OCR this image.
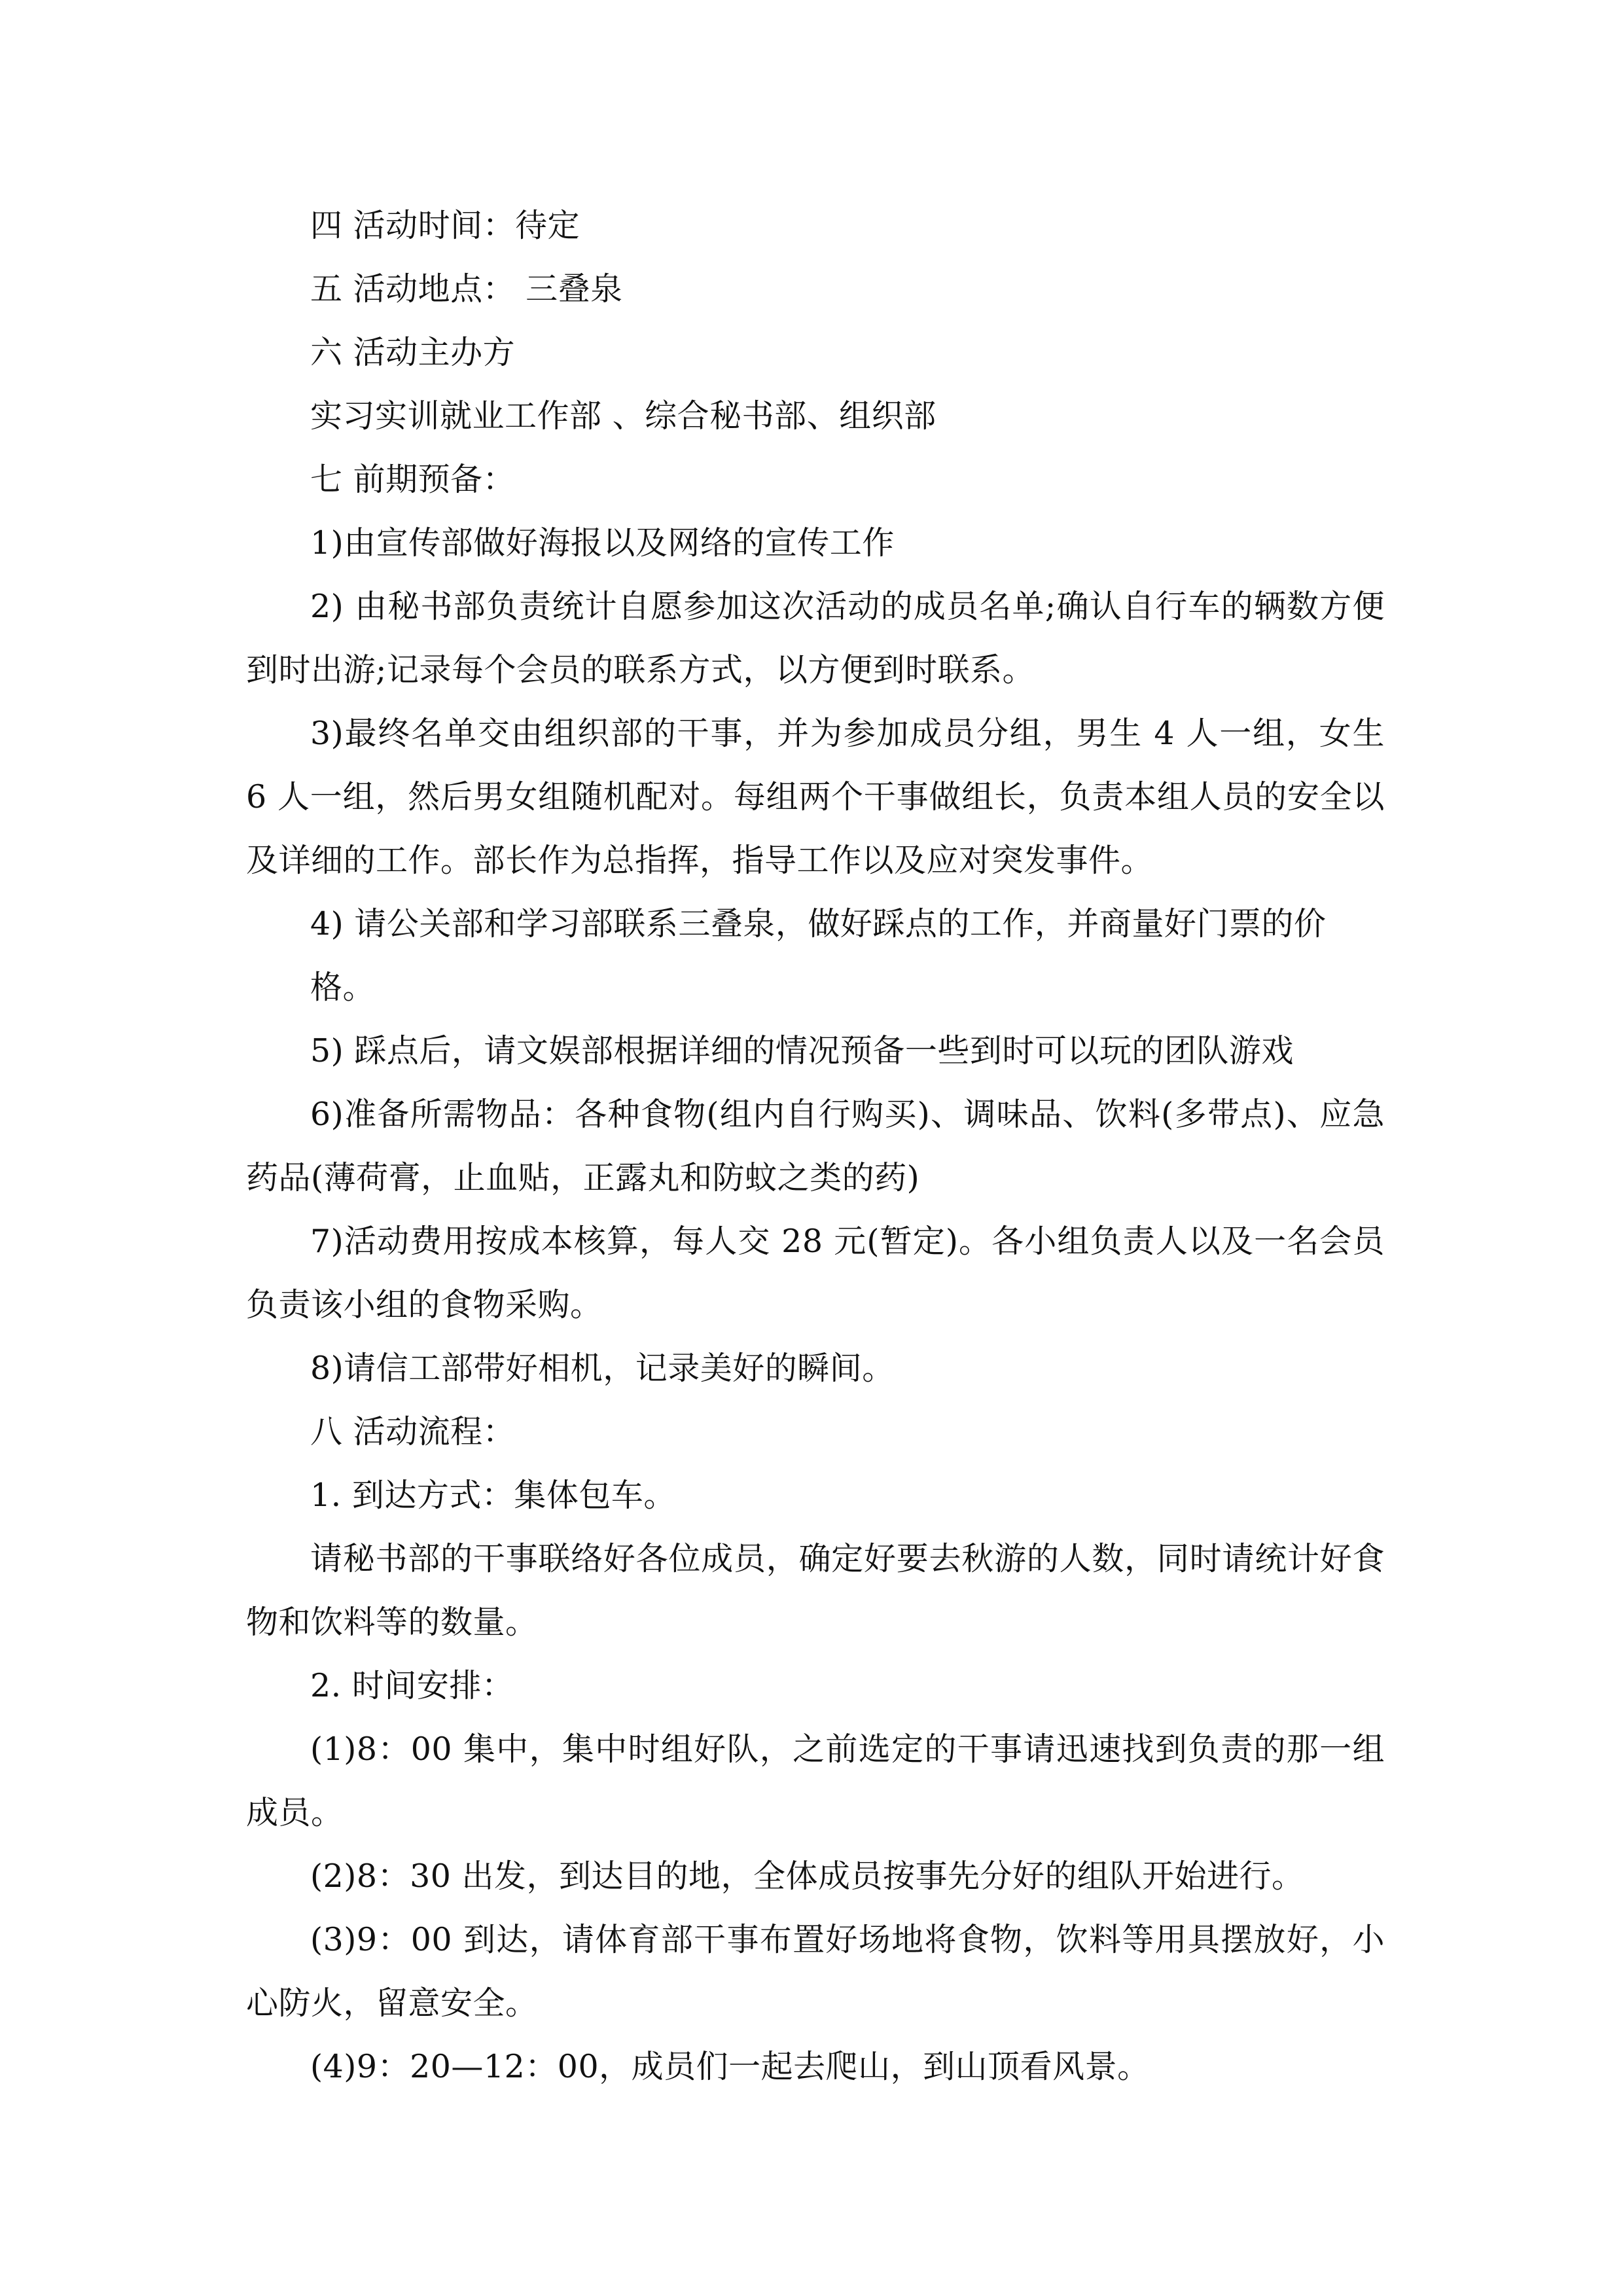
四 活动时间：待定

五 活动地点： 三叠泉

六 活动主办方

实习实训就业工作部 、综合秘书部、组织部

七 前期预备：

1)由宣传部做好海报以及网络的宣传工作

2) 由秘书部负责统计自愿参加这次活动的成员名单;确认自行车的辆数方便到时出游;记录每个会员的联系方式，以方便到时联系。

3)最终名单交由组织部的干事，并为参加成员分组，男生 4 人一组，女生 6 人一组，然后男女组随机配对。每组两个干事做组长，负责本组人员的安全以及详细的工作。部长作为总指挥，指导工作以及应对突发事件。

4) 请公关部和学习部联系三叠泉，做好踩点的工作，并商量好门票的价格。

5) 踩点后，请文娱部根据详细的情况预备一些到时可以玩的团队游戏

6)准备所需物品：各种食物(组内自行购买)、调味品、饮料(多带点)、应急药品(薄荷膏，止血贴，正露丸和防蚊之类的药)

7)活动费用按成本核算，每人交 28 元(暂定)。各小组负责人以及一名会员负责该小组的食物采购。

8)请信工部带好相机，记录美好的瞬间。

八 活动流程：

1. 到达方式：集体包车。

请秘书部的干事联络好各位成员，确定好要去秋游的人数，同时请统计好食物和饮料等的数量。

2. 时间安排：

(1)8：00 集中，集中时组好队，之前选定的干事请迅速找到负责的那一组成员。

(2)8：30 出发，到达目的地，全体成员按事先分好的组队开始进行。

(3)9：00 到达，请体育部干事布置好场地将食物，饮料等用具摆放好，小心防火，留意安全。

(4)9：20—12：00，成员们一起去爬山，到山顶看风景。
